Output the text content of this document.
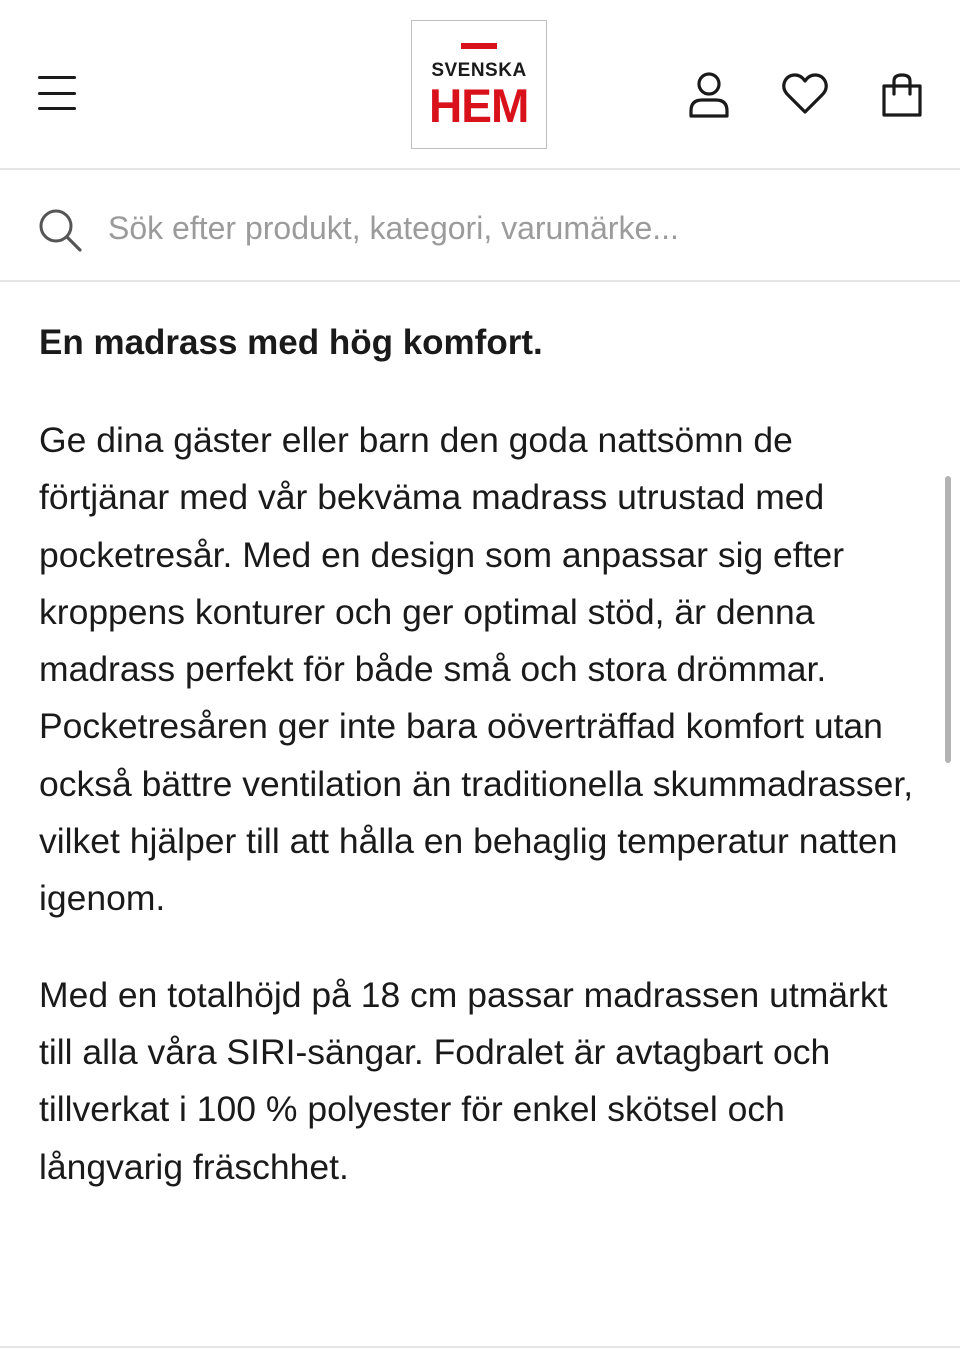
SVENSKA
HEM
Sök efter produkt, kategori, varumärke...
En madrass med hög komfort.

Ge dina gäster eller barn den goda nattsömn de förtjänar med vår bekväma madrass utrustad med pocketresår. Med en design som anpassar sig efter kroppens konturer och ger optimal stöd, är denna madrass perfekt för både små och stora drömmar. Pocketresåren ger inte bara oöverträffad komfort utan också bättre ventilation än traditionella skummadrasser, vilket hjälper till att hålla en behaglig temperatur natten igenom.

Med en totalhöjd på 18 cm passar madrassen utmärkt till alla våra SIRI-sängar. Fodralet är avtagbart och tillverkat i 100 % polyester för enkel skötsel och långvarig fräschhet.
